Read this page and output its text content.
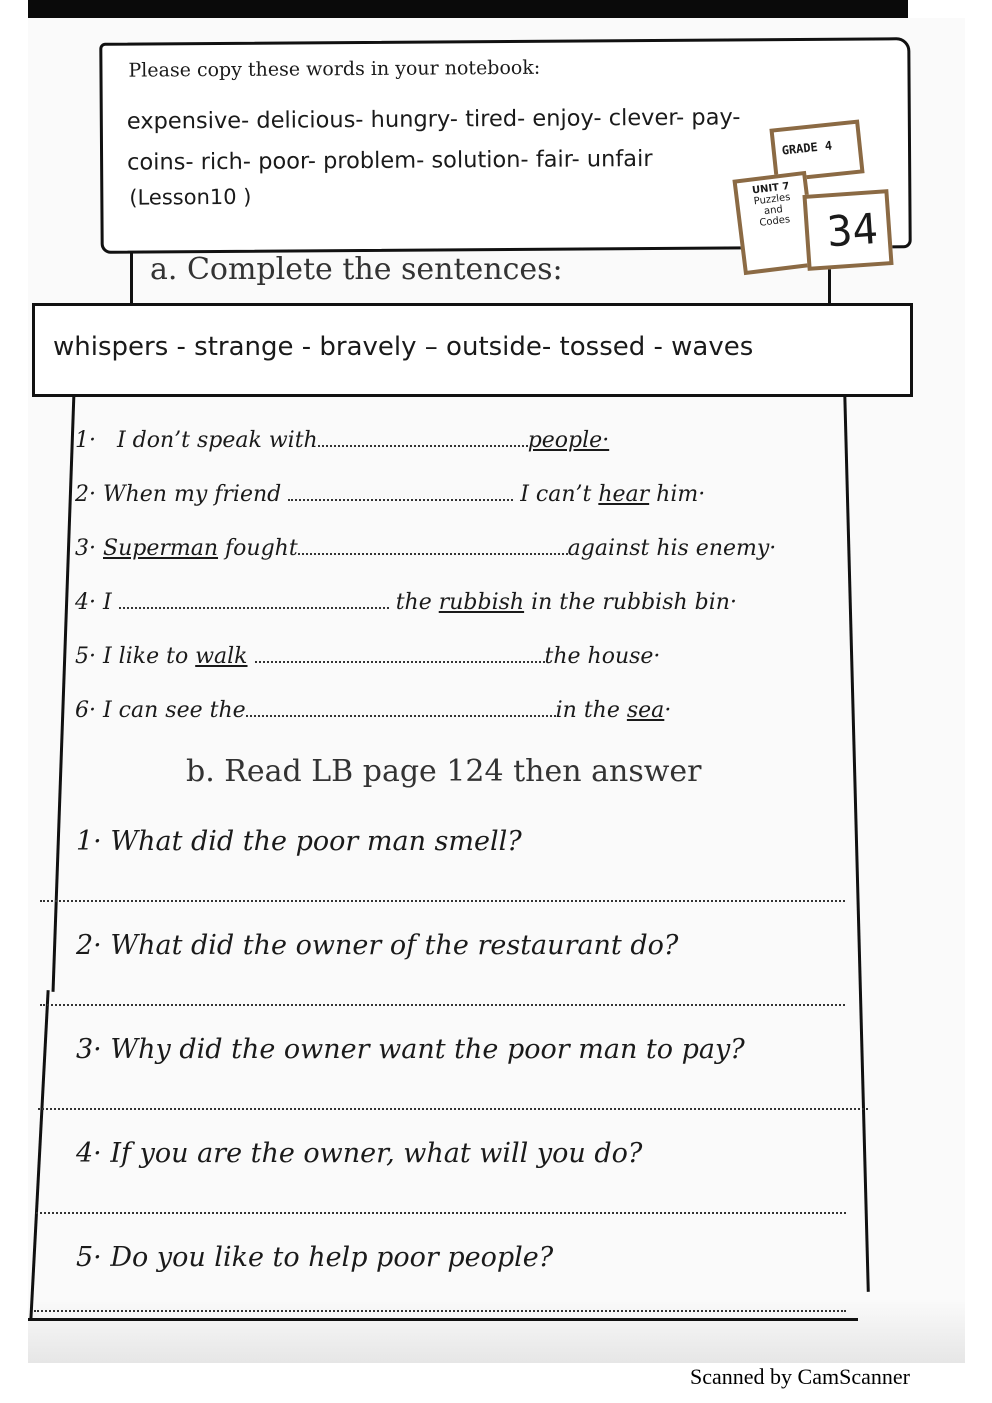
Please copy these words in your notebook:
expensive- delicious- hungry- tired- enjoy- clever- pay-
coins- rich- poor- problem- solution- fair- unfair
(Lesson10 )
GRADE 4
UNIT 7
Puzzles
and
Codes 34
a. Complete the sentences:
whispers - strange - bravely – outside- tossed - waves
1· I don’t speak with	people·
2· When my friend	I can’t hear him·
3· Superman fought	against his enemy·
4· I	the rubbish in the rubbish bin·
5· I like to walk	the house·
6· I can see the	in the sea·
b. Read LB page 124 then answer
1· What did the poor man smell?
2· What did the owner of the restaurant do?
3· Why did the owner want the poor man to pay?
4· If you are the owner, what will you do?
5· Do you like to help poor people?
Scanned by CamScanner
